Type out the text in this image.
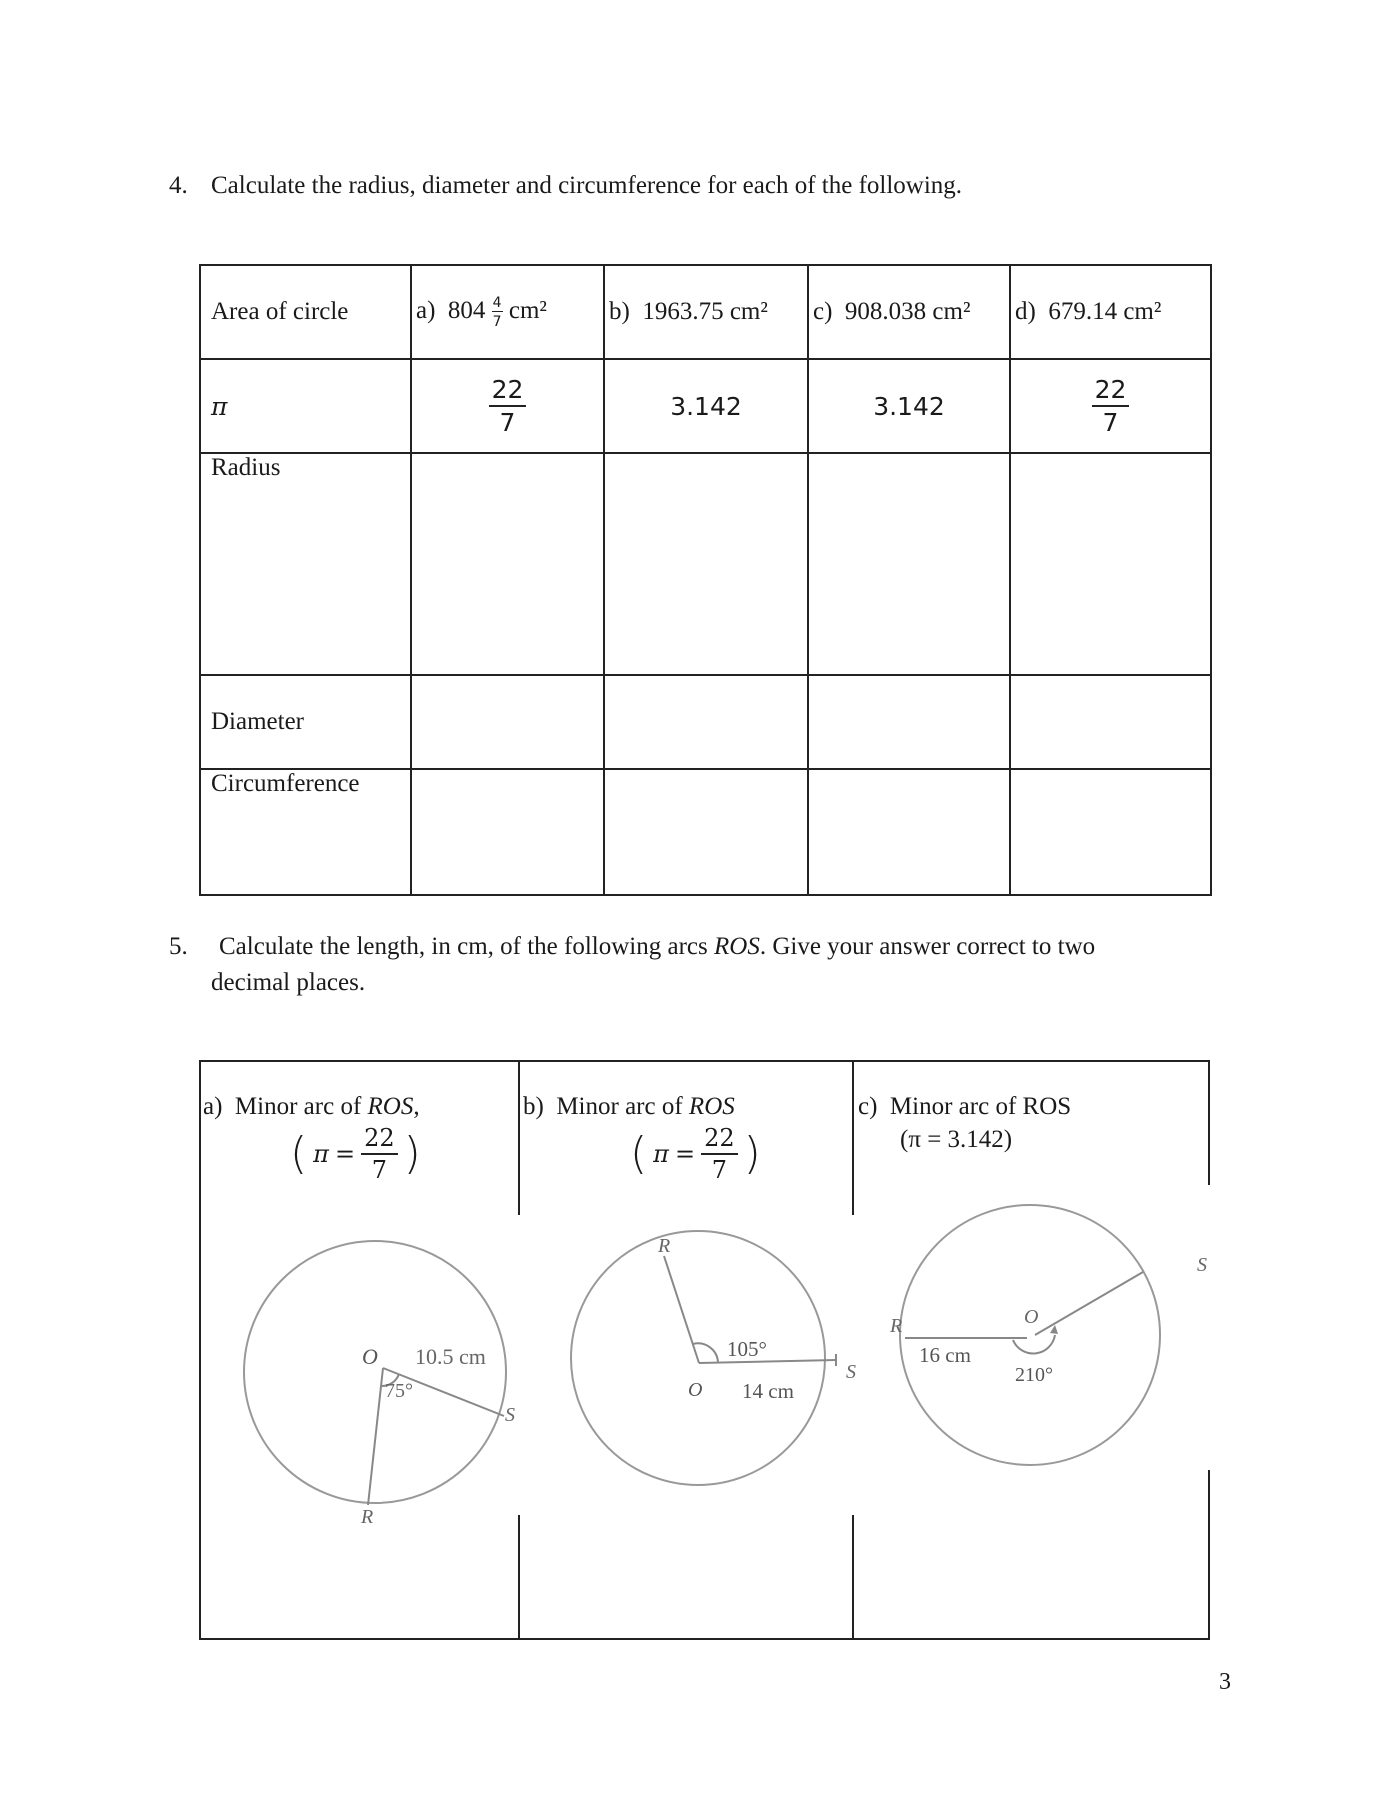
4. Calculate the radius, diameter and circumference for each of the following.
Area of circle	a) $804 \frac{4}{7} cm^2$	b) 1963.75 cm²	c) 908.038 cm²	d) 679.14 cm²
π	$\frac{22}{7}$	3.142	3.142	$\frac{22}{7}$

Radius				
Diameter				
Circumference				
5. Calculate the length, in cm, of the following arcs ROS. Give your answer correct to two
decimal places.
a) Minor arc of ROS,
( $\pi = \frac{22}{7}$ )
b) Minor arc of ROS
( $\pi = \frac{22}{7}$ )
c) Minor arc of ROS
(π = 3.142)
O 10.5 cm
75°
S
R
R
105°
O 14 cm
S
R	O
16 cm
210°
S
3
